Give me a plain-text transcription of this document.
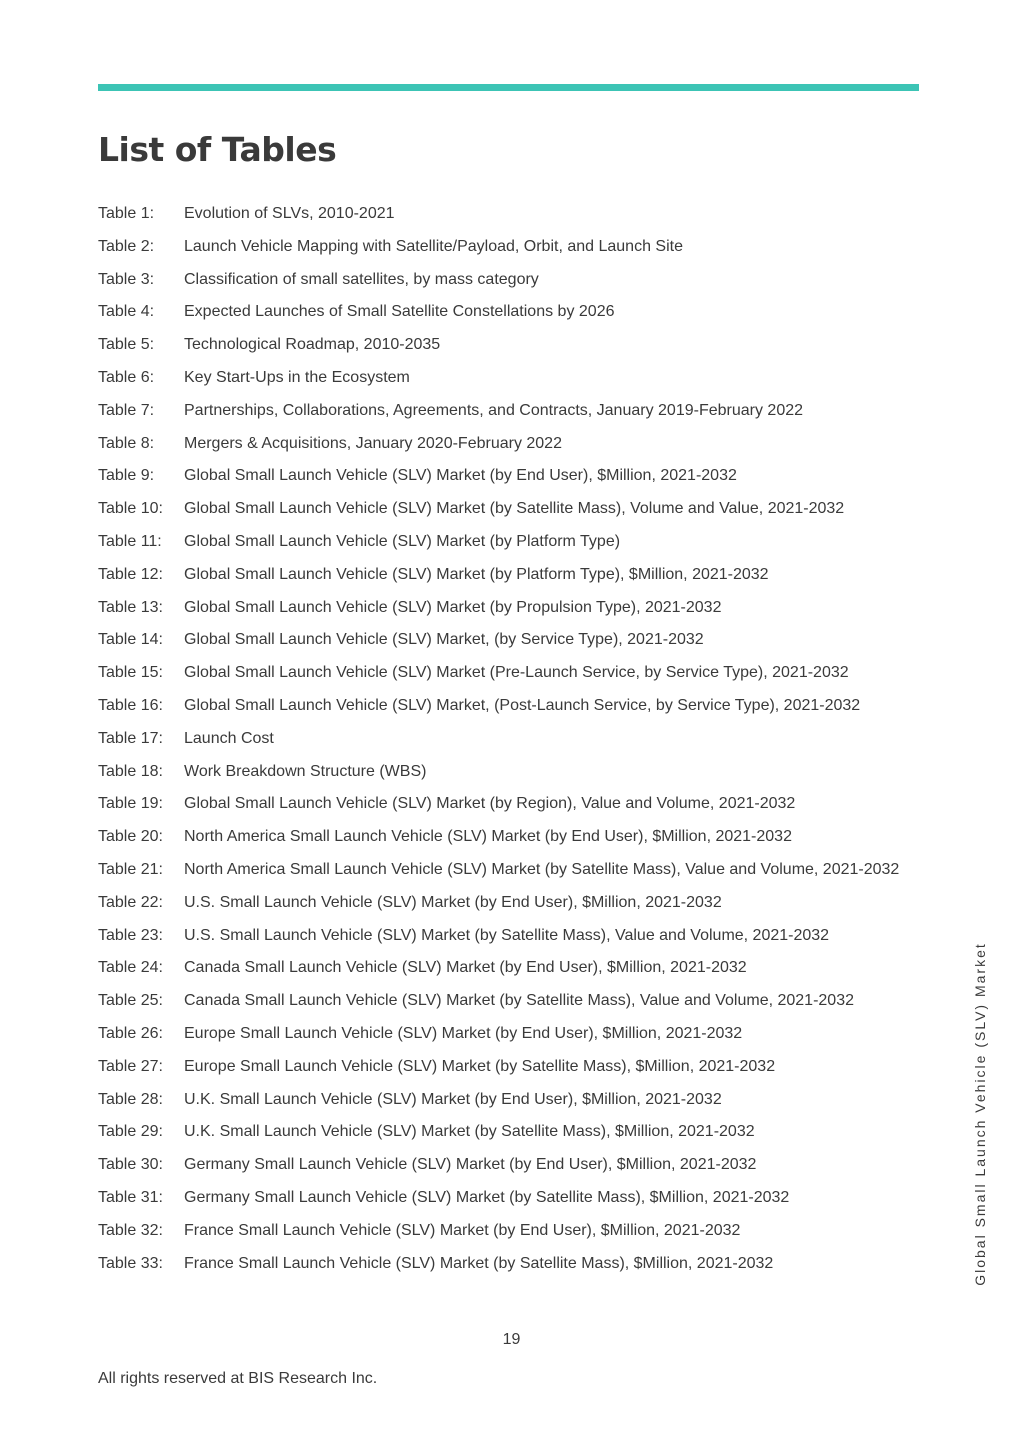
List of Tables
Table 1:	Evolution of SLVs, 2010-2021
Table 2:	Launch Vehicle Mapping with Satellite/Payload, Orbit, and Launch Site
Table 3:	Classification of small satellites, by mass category
Table 4:	Expected Launches of Small Satellite Constellations by 2026
Table 5:	Technological Roadmap, 2010-2035
Table 6:	Key Start-Ups in the Ecosystem
Table 7:	Partnerships, Collaborations, Agreements, and Contracts, January 2019-February 2022
Table 8:	Mergers & Acquisitions, January 2020-February 2022
Table 9:	Global Small Launch Vehicle (SLV) Market (by End User), $Million, 2021-2032
Table 10:	Global Small Launch Vehicle (SLV) Market (by Satellite Mass), Volume and Value, 2021-2032
Table 11:	Global Small Launch Vehicle (SLV) Market (by Platform Type)
Table 12:	Global Small Launch Vehicle (SLV) Market (by Platform Type), $Million, 2021-2032
Table 13:	Global Small Launch Vehicle (SLV) Market (by Propulsion Type), 2021-2032
Table 14:	Global Small Launch Vehicle (SLV) Market, (by Service Type), 2021-2032
Table 15:	Global Small Launch Vehicle (SLV) Market (Pre-Launch Service, by Service Type), 2021-2032
Table 16:	Global Small Launch Vehicle (SLV) Market, (Post-Launch Service, by Service Type), 2021-2032
Table 17:	Launch Cost
Table 18:	Work Breakdown Structure (WBS)
Table 19:	Global Small Launch Vehicle (SLV) Market (by Region), Value and Volume, 2021-2032
Table 20:	North America Small Launch Vehicle (SLV) Market (by End User), $Million, 2021-2032
Table 21:	North America Small Launch Vehicle (SLV) Market (by Satellite Mass), Value and Volume, 2021-2032
Table 22:	U.S. Small Launch Vehicle (SLV) Market (by End User), $Million, 2021-2032
Table 23:	U.S. Small Launch Vehicle (SLV) Market (by Satellite Mass), Value and Volume, 2021-2032
Table 24:	Canada Small Launch Vehicle (SLV) Market (by End User), $Million, 2021-2032
Table 25:	Canada Small Launch Vehicle (SLV) Market (by Satellite Mass), Value and Volume, 2021-2032
Table 26:	Europe Small Launch Vehicle (SLV) Market (by End User), $Million, 2021-2032
Table 27:	Europe Small Launch Vehicle (SLV) Market (by Satellite Mass), $Million, 2021-2032
Table 28:	U.K. Small Launch Vehicle (SLV) Market (by End User), $Million, 2021-2032
Table 29:	U.K. Small Launch Vehicle (SLV) Market (by Satellite Mass), $Million, 2021-2032
Table 30:	Germany Small Launch Vehicle (SLV) Market (by End User), $Million, 2021-2032
Table 31:	Germany Small Launch Vehicle (SLV) Market (by Satellite Mass), $Million, 2021-2032
Table 32:	France Small Launch Vehicle (SLV) Market (by End User), $Million, 2021-2032
Table 33:	France Small Launch Vehicle (SLV) Market (by Satellite Mass), $Million, 2021-2032	Global Small Launch Vehicle (SLV) Market
19
All rights reserved at BIS Research Inc.
